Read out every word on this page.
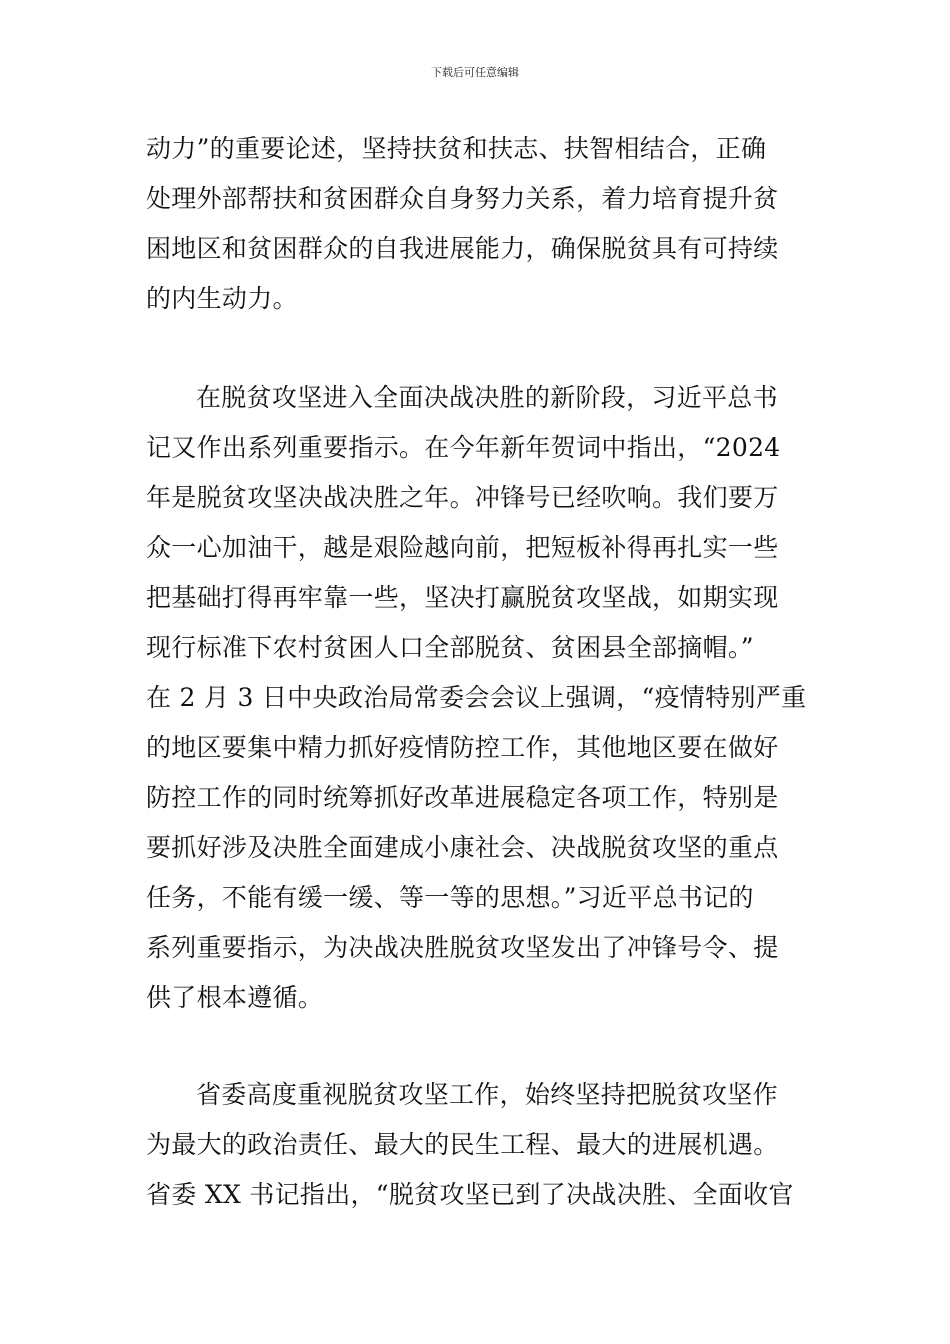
下载后可任意编辑
动力”的重要论述，坚持扶贫和扶志、扶智相结合，正确
处理外部帮扶和贫困群众自身努力关系，着力培育提升贫
困地区和贫困群众的自我进展能力，确保脱贫具有可持续
的内生动力。
在脱贫攻坚进入全面决战决胜的新阶段，习近平总书
记又作出系列重要指示。在今年新年贺词中指出，“2024
年是脱贫攻坚决战决胜之年。冲锋号已经吹响。我们要万
众一心加油干，越是艰险越向前，把短板补得再扎实一些
把基础打得再牢靠一些，坚决打赢脱贫攻坚战，如期实现
现行标准下农村贫困人口全部脱贫、贫困县全部摘帽。”
在 2 月 3 日中央政治局常委会会议上强调，“疫情特别严重
的地区要集中精力抓好疫情防控工作，其他地区要在做好
防控工作的同时统筹抓好改革进展稳定各项工作，特别是
要抓好涉及决胜全面建成小康社会、决战脱贫攻坚的重点
任务，不能有缓一缓、等一等的思想。”习近平总书记的
系列重要指示，为决战决胜脱贫攻坚发出了冲锋号令、提
供了根本遵循。
省委高度重视脱贫攻坚工作，始终坚持把脱贫攻坚作
为最大的政治责任、最大的民生工程、最大的进展机遇。
省委 XX 书记指出，“脱贫攻坚已到了决战决胜、全面收官
